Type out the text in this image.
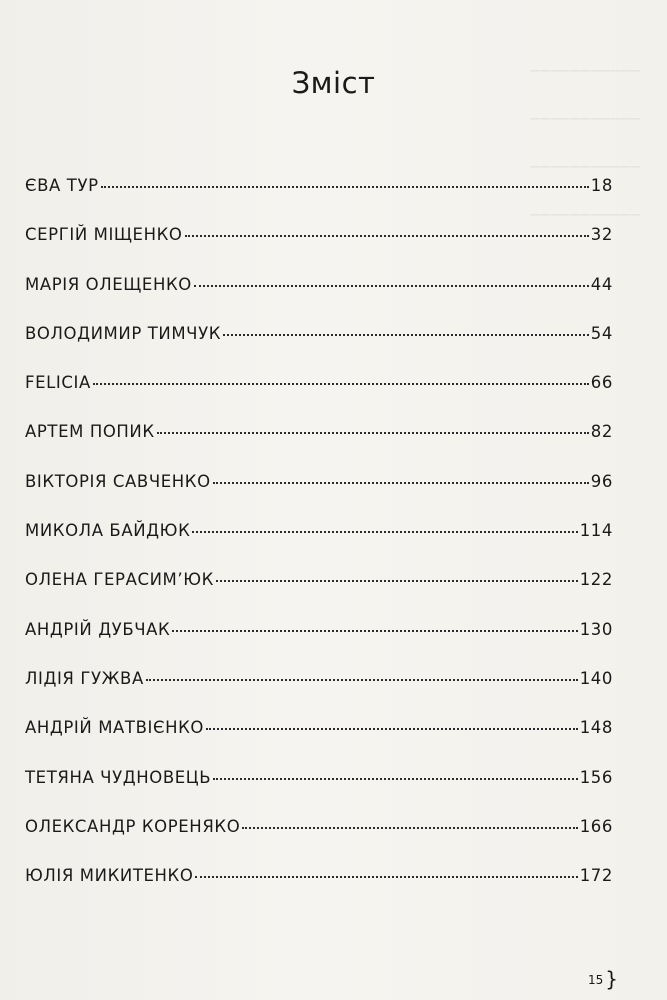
───────────
───────────
───────────
───────────
Зміст
ЄВА ТУР	18
СЕРГІЙ МІЩЕНКО	32
МАРІЯ ОЛЕЩЕНКО	44
ВОЛОДИМИР ТИМЧУК	54
FELICIA	66
АРТЕМ ПОПИК	82
ВІКТОРІЯ САВЧЕНКО	96
МИКОЛА БАЙДЮК	114
ОЛЕНА ГЕРАСИМ’ЮК	122
АНДРІЙ ДУБЧАК	130
ЛІДІЯ ГУЖВА	140
АНДРІЙ МАТВІЄНКО	148
ТЕТЯНА ЧУДНОВЕЦЬ	156
ОЛЕКСАНДР КОРЕНЯКО	166
ЮЛІЯ МИКИТЕНКО	172
15 }
